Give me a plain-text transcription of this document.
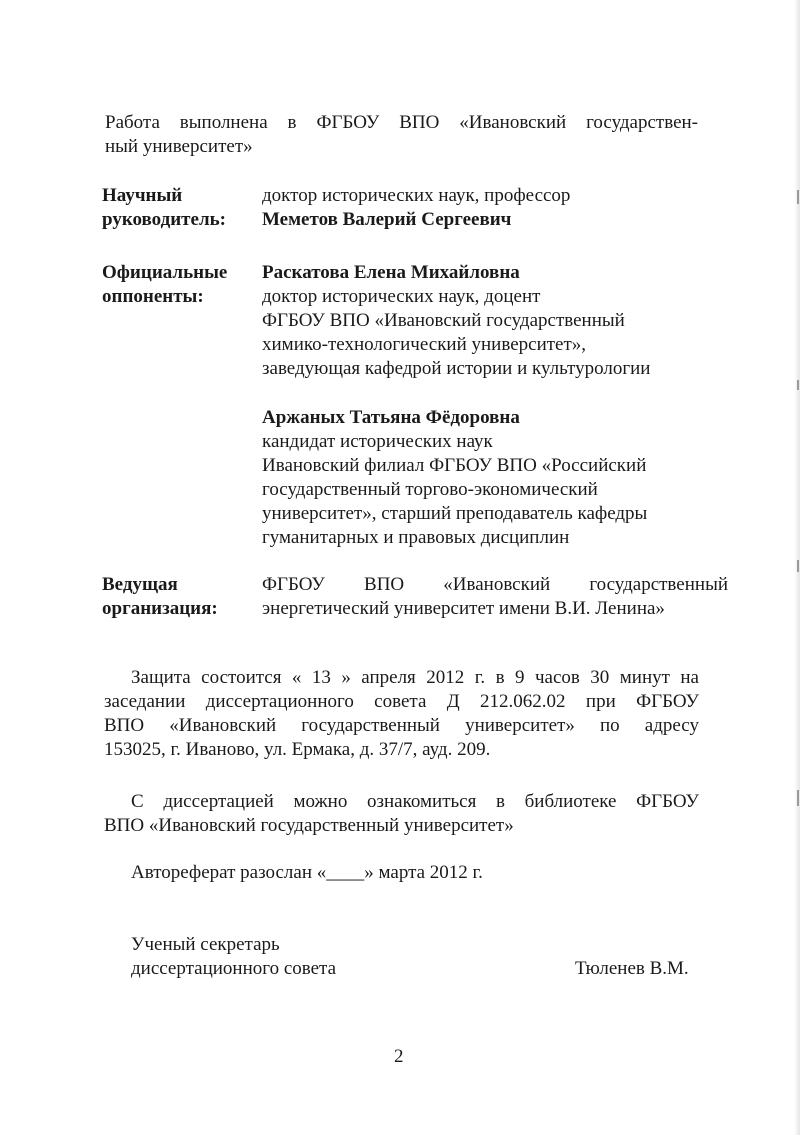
Работа выполнена в ФГБОУ ВПО «Ивановский государствен-
ный университет»
Научный
руководитель:
доктор исторических наук, профессор
Меметов Валерий Сергеевич
Официальные
оппоненты:
Раскатова Елена Михайловна
доктор исторических наук, доцент
ФГБОУ ВПО «Ивановский государственный
химико-технологический университет»,
заведующая кафедрой истории и культурологии
Аржаных Татьяна Фёдоровна
кандидат исторических наук
Ивановский филиал ФГБОУ ВПО «Российский
государственный торгово-экономический
университет», старший преподаватель кафедры
гуманитарных и правовых дисциплин
Ведущая
организация:
ФГБОУ ВПО «Ивановский государственный
энергетический университет имени В.И. Ленина»
Защита состоится « 13 » апреля 2012 г. в 9 часов 30 минут на
заседании диссертационного совета Д 212.062.02 при ФГБОУ
ВПО «Ивановский государственный университет» по адресу
153025, г. Иваново, ул. Ермака, д. 37/7, ауд. 209.
С диссертацией можно ознакомиться в библиотеке ФГБОУ
ВПО «Ивановский государственный университет»
Автореферат разослан «____» марта 2012 г.
Ученый секретарь
диссертационного совета	Тюленев В.М.
2
